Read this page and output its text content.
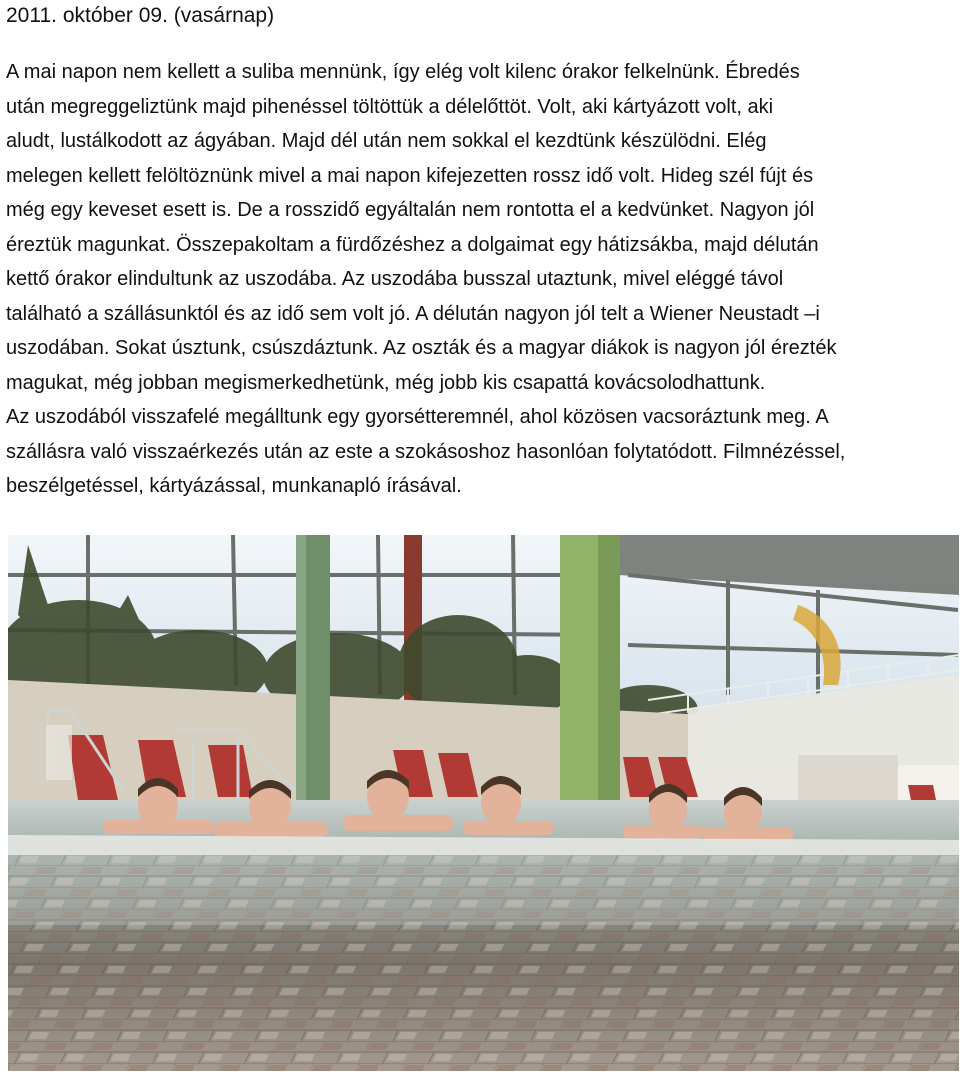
2011. október 09. (vasárnap)
A mai napon nem kellett a suliba mennünk, így elég volt kilenc órakor felkelnünk. Ébredés
után megreggeliztünk majd pihenéssel töltöttük a délelőttöt. Volt, aki kártyázott volt, aki
aludt, lustálkodott az ágyában. Majd dél után nem sokkal el kezdtünk készülödni. Elég
melegen kellett felöltöznünk mivel a mai napon kifejezetten rossz idő volt. Hideg szél fújt és
még egy keveset esett is. De a rosszidő egyáltalán nem rontotta el a kedvünket. Nagyon jól
éreztük magunkat. Összepakoltam a fürdőzéshez a dolgaimat egy hátizsákba, majd délután
kettő órakor elindultunk az uszodába. Az uszodába busszal utaztunk, mivel eléggé távol
található a szállásunktól és az idő sem volt jó. A délután nagyon jól telt a Wiener Neustadt –i
uszodában. Sokat úsztunk, csúszdáztunk. Az oszták és a magyar diákok is nagyon jól érezték
magukat, még jobban megismerkedhetünk, még jobb kis csapattá kovácsolodhattunk.
Az uszodából visszafelé megálltunk egy gyorsétteremnél, ahol közösen vacsoráztunk meg. A
szállásra való visszaérkezés után az este a szokásoshoz hasonlóan folytatódott. Filmnézéssel,
beszélgetéssel, kártyázással, munkanapló írásával.
